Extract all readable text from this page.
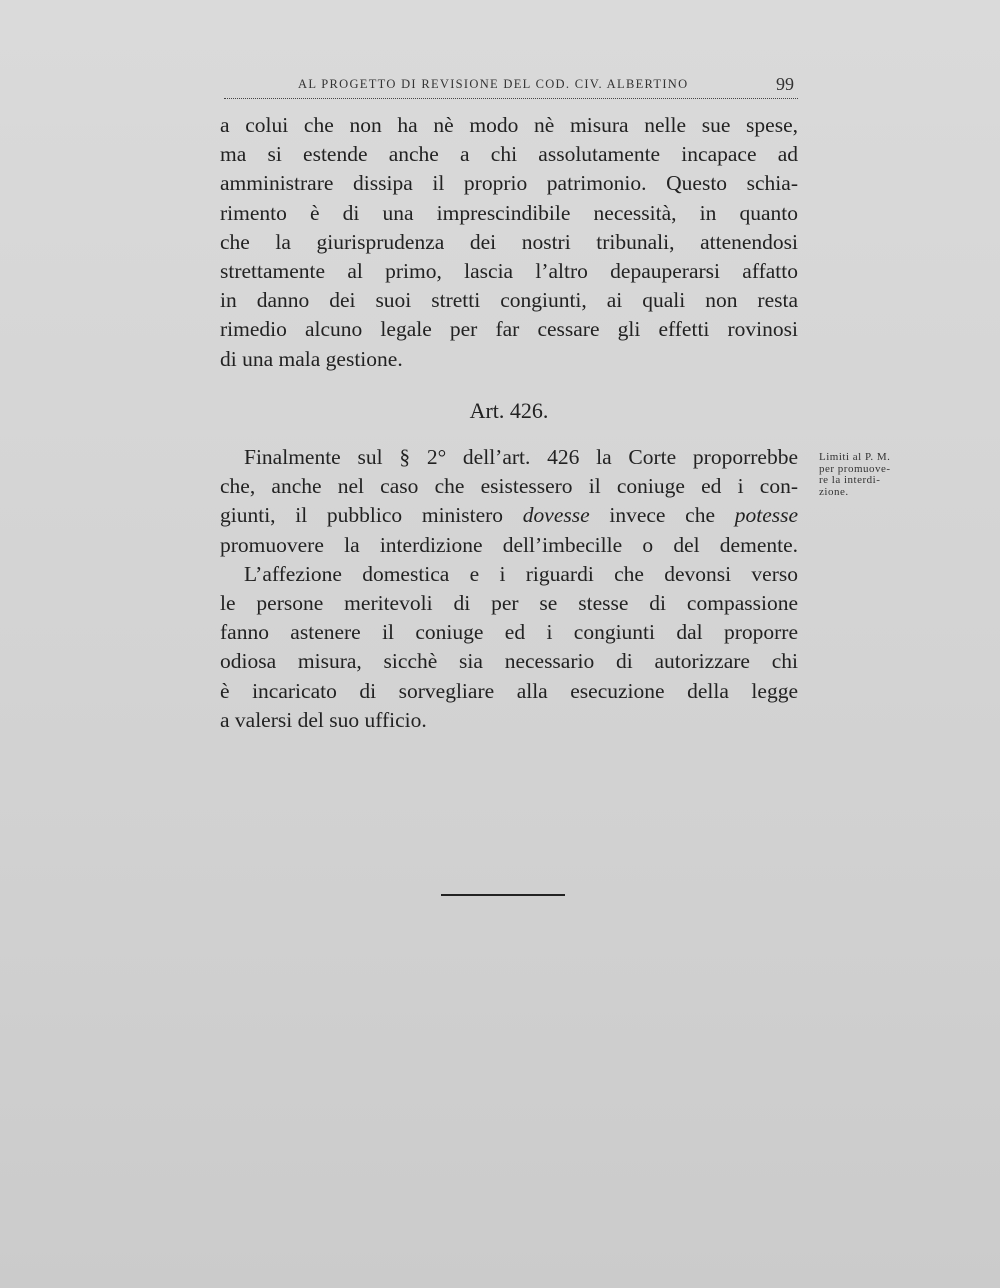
AL PROGETTO DI REVISIONE DEL COD. CIV. ALBERTINO	99
a colui che non ha nè modo nè misura nelle sue spese,
ma si estende anche a chi assolutamente incapace ad
amministrare dissipa il proprio patrimonio. Questo schia-
rimento è di una imprescindibile necessità, in quanto
che la giurisprudenza dei nostri tribunali, attenendosi
strettamente al primo, lascia l’altro depauperarsi affatto
in danno dei suoi stretti congiunti, ai quali non resta
rimedio alcuno legale per far cessare gli effetti rovinosi
di una mala gestione.
Art. 426.
Finalmente sul § 2° dell’art. 426 la Corte proporrebbe
che, anche nel caso che esistessero il coniuge ed i con-
giunti, il pubblico ministero dovesse invece che potesse
promuovere la interdizione dell’imbecille o del demente.
L’affezione domestica e i riguardi che devonsi verso
le persone meritevoli di per se stesse di compassione
fanno astenere il coniuge ed i congiunti dal proporre
odiosa misura, sicchè sia necessario di autorizzare chi
è incaricato di sorvegliare alla esecuzione della legge
a valersi del suo ufficio.
Limiti al P. M.
per promuove-
re la interdi-
zione.
